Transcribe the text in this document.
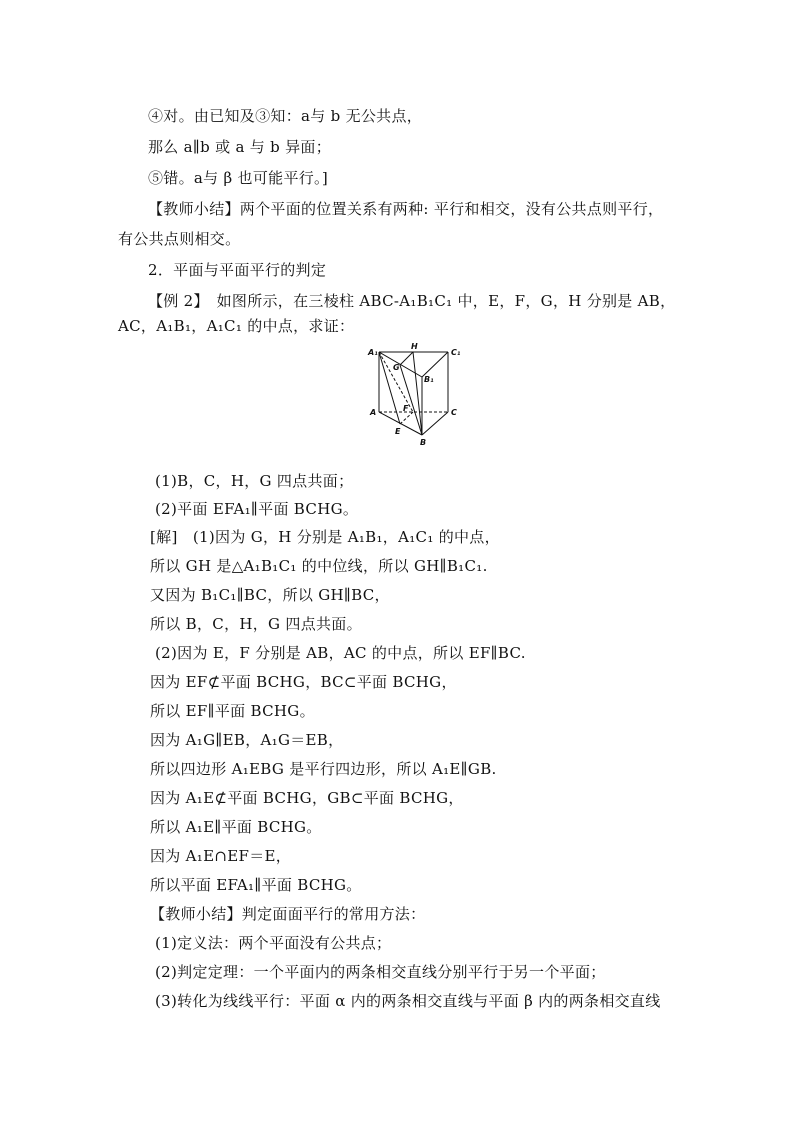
④对。由已知及③知：a与 b 无公共点，
那么 a∥b 或 a 与 b 异面；
⑤错。a与 β 也可能平行。]
【教师小结】两个平面的位置关系有两种: 平行和相交，没有公共点则平行，
有公共点则相交。
2．平面与平面平行的判定
【例 2】　如图所示，在三棱柱 ABC-A₁B₁C₁ 中，E，F，G，H 分别是 AB，
AC，A₁B₁，A₁C₁ 的中点，求证：
A₁
H
C₁
G
B₁
A	F	C
E
B
(1)B，C，H，G 四点共面；
(2)平面 EFA₁∥平面 BCHG。
[解]　(1)因为 G，H 分别是 A₁B₁，A₁C₁ 的中点，
所以 GH 是△A₁B₁C₁ 的中位线，所以 GH∥B₁C₁.
又因为 B₁C₁∥BC，所以 GH∥BC，
所以 B，C，H，G 四点共面。
(2)因为 E，F 分别是 AB，AC 的中点，所以 EF∥BC.
因为 EF⊄平面 BCHG，BC⊂平面 BCHG，
所以 EF∥平面 BCHG。
因为 A₁G∥EB，A₁G＝EB，
所以四边形 A₁EBG 是平行四边形，所以 A₁E∥GB.
因为 A₁E⊄平面 BCHG，GB⊂平面 BCHG，
所以 A₁E∥平面 BCHG。
因为 A₁E∩EF＝E，
所以平面 EFA₁∥平面 BCHG。
【教师小结】判定面面平行的常用方法：
(1)定义法：两个平面没有公共点；
(2)判定定理：一个平面内的两条相交直线分别平行于另一个平面；
(3)转化为线线平行：平面 α 内的两条相交直线与平面 β 内的两条相交直线
